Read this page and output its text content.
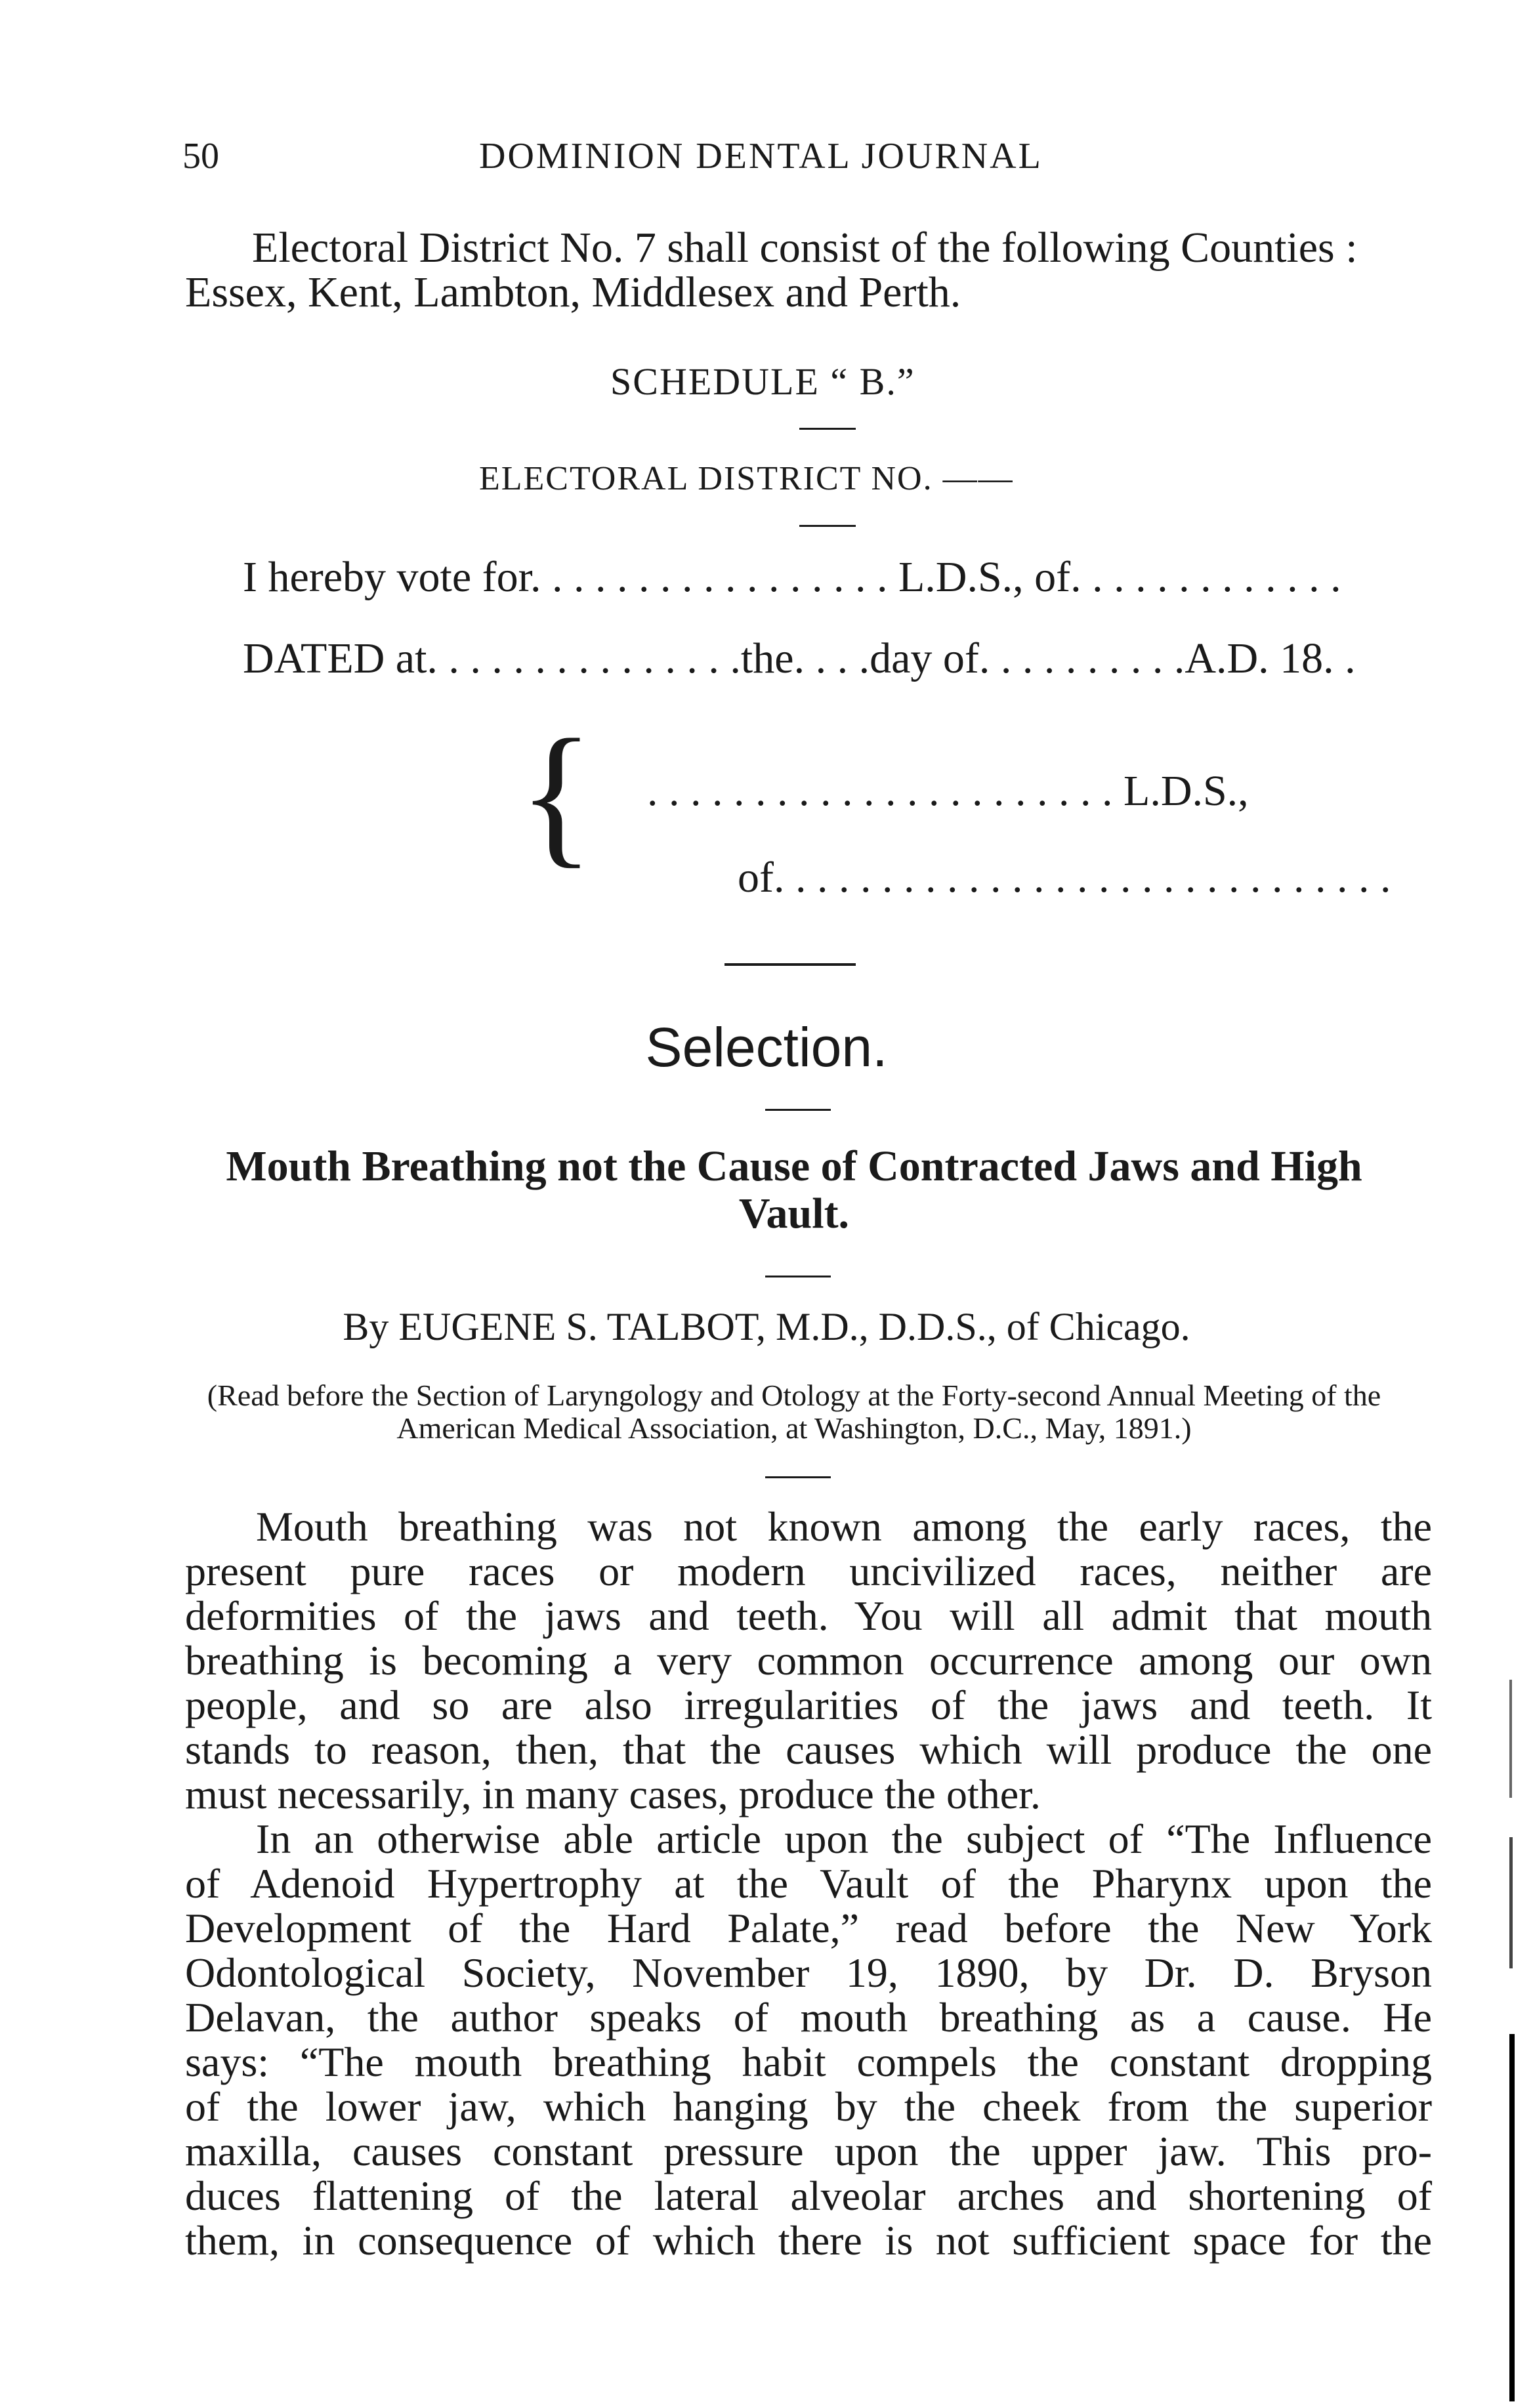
50	DOMINION DENTAL JOURNAL
Electoral District No. 7 shall consist of the following Counties :
Essex, Kent, Lambton, Middlesex and Perth.
SCHEDULE “ B.”
ELECTORAL DISTRICT NO. ——
I hereby vote for. . . . . . . . . . . . . . . . . L.D.S., of. . . . . . . . . . . . .
DATED at. . . . . . . . . . . . . . .the. . . .day of. . . . . . . . . .A.D. 18. .
{ . . . . . . . . . . . . . . . . . . . . . . L.D.S.,
of. . . . . . . . . . . . . . . . . . . . . . . . . . . . .
Selection.
Mouth Breathing not the Cause of Contracted Jaws and High Vault.
By EUGENE S. TALBOT, M.D., D.D.S., of Chicago.
(Read before the Section of Laryngology and Otology at the Forty-second Annual Meeting of the American Medical Association, at Washington, D.C., May, 1891.)
Mouth breathing was not known among the early races, the
present pure races or modern uncivilized races, neither are
deformities of the jaws and teeth. You will all admit that mouth
breathing is becoming a very common occurrence among our own
people, and so are also irregularities of the jaws and teeth. It
stands to reason, then, that the causes which will produce the one
must necessarily, in many cases, produce the other.
In an otherwise able article upon the subject of “The Influence
of Adenoid Hypertrophy at the Vault of the Pharynx upon the
Development of the Hard Palate,” read before the New York
Odontological Society, November 19, 1890, by Dr. D. Bryson
Delavan, the author speaks of mouth breathing as a cause. He
says: “The mouth breathing habit compels the constant dropping
of the lower jaw, which hanging by the cheek from the superior
maxilla, causes constant pressure upon the upper jaw. This pro-
duces flattening of the lateral alveolar arches and shortening of
them, in consequence of which there is not sufficient space for the
